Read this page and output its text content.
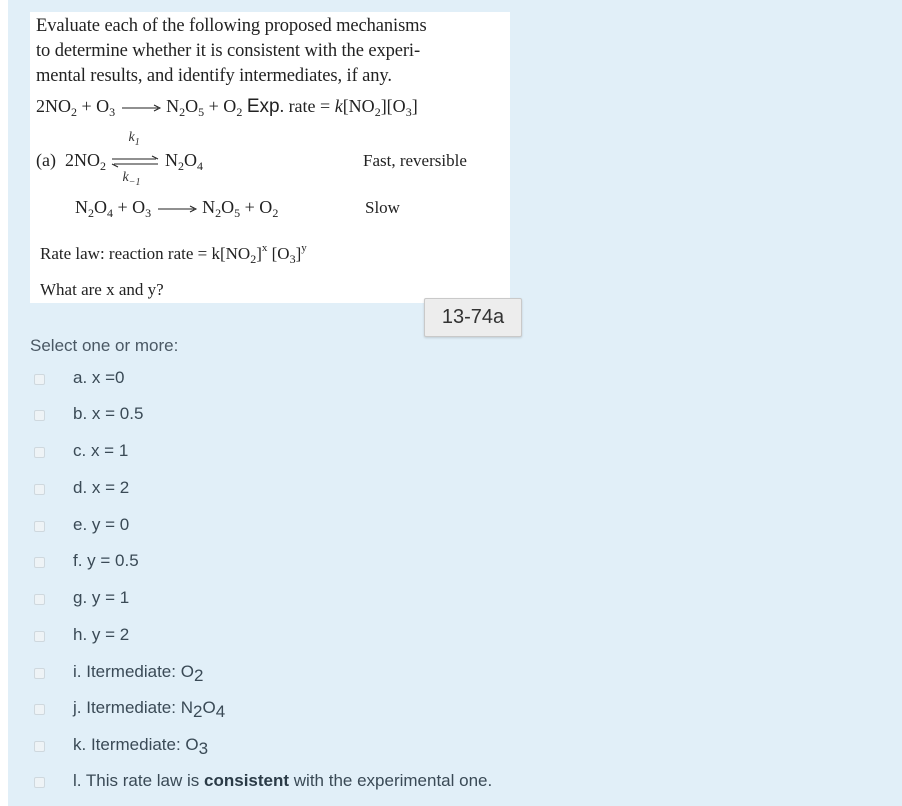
Evaluate each of the following proposed mechanisms
to determine whether it is consistent with the experi-
mental results, and identify intermediates, if any.
$2NO_2 + O_3 \to N_2O_5 + O_2$ Exp. rate = $k[NO_2][O_3]$
(a) $2NO_2$
$k_1$
$k_{-1}$
$N_2O_4$	Fast, reversible
$N_2O_4 + O_3 \to N_2O_5 + O_2$	Slow
Rate law: reaction rate = $k[NO_2]^x$ $[O_3]^y$
What are x and y?
13-74a
Select one or more:
a. x =0
b. x = 0.5
c. x = 1
d. x = 2
e. y = 0
f. y = 0.5
g. y = 1
h. y = 2
i. Itermediate: $O_2$
j. Itermediate: $N_2O_4$
k. Itermediate: $O_3$
l. This rate law is consistent with the experimental one.
